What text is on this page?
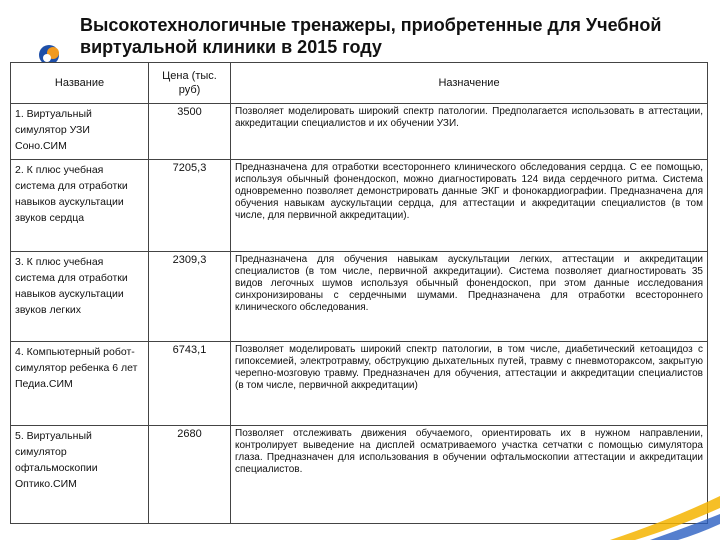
Высокотехнологичные тренажеры, приобретенные для Учебной виртуальной клиники в 2015 году
Название	Цена (тыс. руб)	Назначение
1. Виртуальный симулятор УЗИ Соно.СИМ	3500	Позволяет моделировать широкий спектр патологии. Предполагается использовать в аттестации, аккредитации специалистов и их обучении УЗИ.
2. К плюс учебная система для отработки навыков аускультации звуков сердца	7205,3	Предназначена для отработки всестороннего клинического обследования сердца. С ее помощью, используя обычный фонендоскоп, можно диагностировать 124 вида сердечного ритма. Система одновременно позволяет демонстрировать данные ЭКГ и фонокардиографии. Предназначена для обучения навыкам аускультации сердца, для аттестации и аккредитации специалистов (в том числе, для первичной аккредитации).
3. К плюс учебная система для отработки навыков аускультации звуков легких	2309,3	Предназначена для обучения навыкам аускультации легких, аттестации и аккредитации специалистов (в том числе, первичной аккредитации). Система позволяет диагностировать 35 видов легочных шумов используя обычный фонендоскоп, при этом данные исследования синхронизированы с сердечными шумами. Предназначена для отработки всестороннего клинического обследования.
4. Компьютерный робот-симулятор ребенка 6 лет Педиа.СИМ	6743,1	Позволяет моделировать широкий спектр патологии, в том числе, диабетический кетоацидоз с гипоксемией, электротравму, обструкцию дыхательных путей, травму с пневмотораксом, закрытую черепно-мозговую травму. Предназначен для обучения, аттестации и аккредитации специалистов (в том числе, первичной аккредитации)
5. Виртуальный симулятор офтальмоскопии Оптико.СИМ	2680	Позволяет отслеживать движения обучаемого, ориентировать их в нужном направлении, контролирует выведение на дисплей осматриваемого участка сетчатки с помощью симулятора глаза. Предназначен для использования в обучении офтальмоскопии аттестации и аккредитации специалистов.
